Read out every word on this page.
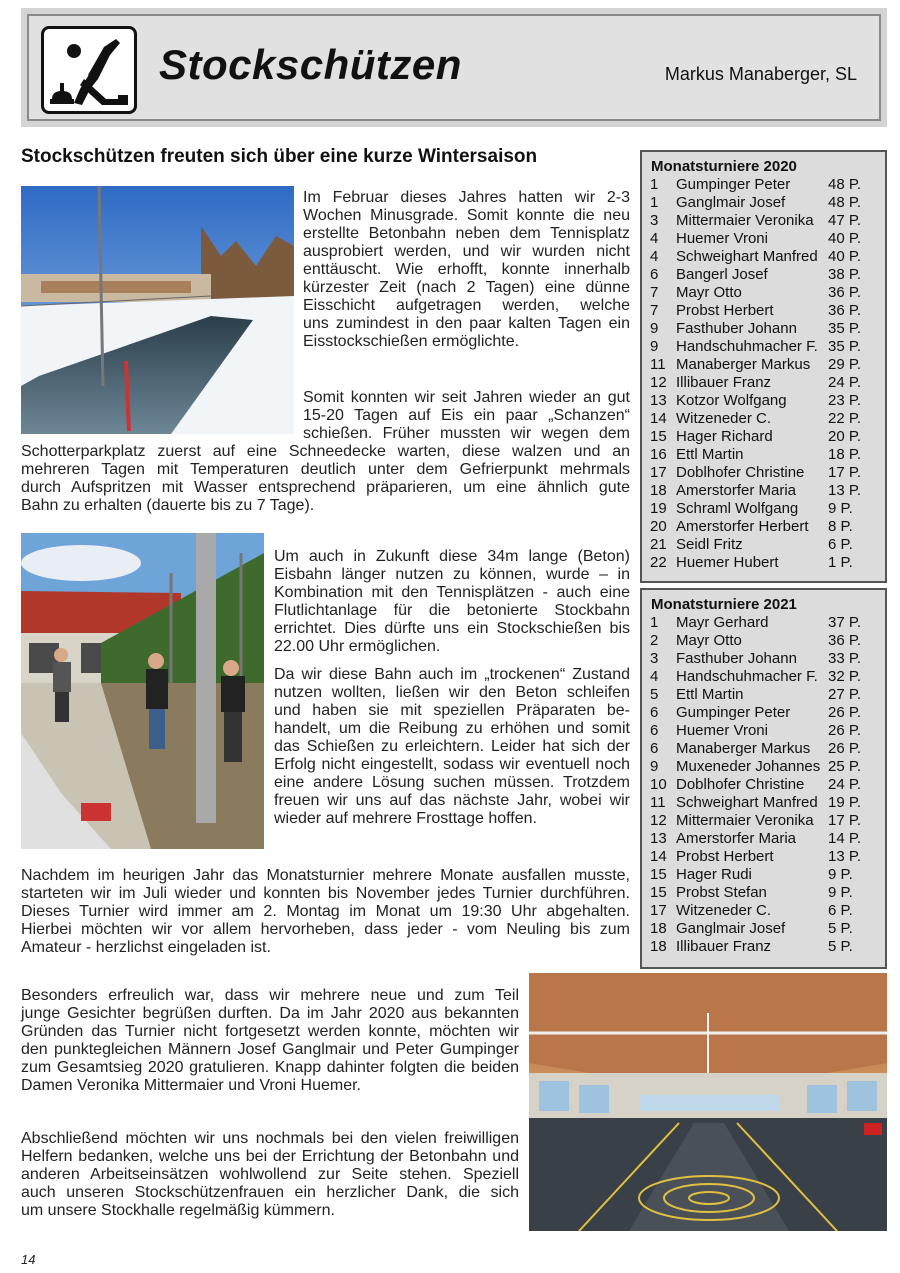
Stockschützen	Markus Manaberger, SL
Stockschützen freuten sich über eine kurze Wintersaison
Im Februar dieses Jahres hatten wir 2-3
Wochen Minusgrade. Somit konnte die neu
erstellte Betonbahn neben dem Tennisplatz
ausprobiert werden, und wir wurden nicht
enttäuscht. Wie erhofft, konnte innerhalb
kürzester Zeit (nach 2 Tagen) eine dünne
Eisschicht aufgetragen werden, welche
uns zumindest in den paar kalten Tagen ein
Eisstockschießen ermöglichte.
Somit konnten wir seit Jahren wieder an gut
15-20 Tagen auf Eis ein paar „Schanzen“
schießen. Früher mussten wir wegen dem
Schotterparkplatz zuerst auf eine Schneedecke warten, diese walzen und an
mehreren Tagen mit Temperaturen deutlich unter dem Gefrierpunkt mehrmals
durch Aufspritzen mit Wasser entsprechend präparieren, um eine ähnlich gute
Bahn zu erhalten (dauerte bis zu 7 Tage).
Um auch in Zukunft diese 34m lange (Beton)
Eisbahn länger nutzen zu können, wurde – in
Kombination mit den Tennisplätzen - auch eine
Flutlichtanlage für die betonierte Stockbahn
errichtet. Dies dürfte uns ein Stockschießen bis
22.00 Uhr ermöglichen.
Da wir diese Bahn auch im „trockenen“ Zustand
nutzen wollten, ließen wir den Beton schleifen
und haben sie mit speziellen Präparaten be-
handelt, um die Reibung zu erhöhen und somit
das Schießen zu erleichtern. Leider hat sich der
Erfolg nicht eingestellt, sodass wir eventuell noch
eine andere Lösung suchen müssen. Trotzdem
freuen wir uns auf das nächste Jahr, wobei wir
wieder auf mehrere Frosttage hoffen.
Nachdem im heurigen Jahr das Monatsturnier mehrere Monate ausfallen musste,
starteten wir im Juli wieder und konnten bis November jedes Turnier durchführen.
Dieses Turnier wird immer am 2. Montag im Monat um 19:30 Uhr abgehalten.
Hierbei möchten wir vor allem hervorheben, dass jeder - vom Neuling bis zum
Amateur - herzlichst eingeladen ist.
Besonders erfreulich war, dass wir mehrere neue und zum Teil
junge Gesichter begrüßen durften. Da im Jahr 2020 aus bekannten
Gründen das Turnier nicht fortgesetzt werden konnte, möchten wir
den punktegleichen Männern Josef Ganglmair und Peter Gumpinger
zum Gesamtsieg 2020 gratulieren. Knapp dahinter folgten die beiden
Damen Veronika Mittermaier und Vroni Huemer.
Abschließend möchten wir uns nochmals bei den vielen freiwilligen
Helfern bedanken, welche uns bei der Errichtung der Betonbahn und
anderen Arbeitseinsätzen wohlwollend zur Seite stehen. Speziell
auch unseren Stockschützenfrauen ein herzlicher Dank, die sich
um unsere Stockhalle regelmäßig kümmern.
Monatsturniere 2020
1	Gumpinger Peter	48 P.
1	Ganglmair Josef	48 P.
3	Mittermaier Veronika 47 P.
4	Huemer Vroni	40 P.
4	Schweighart Manfred 40 P.
6	Bangerl Josef	38 P.
7	Mayr Otto	36 P.
7	Probst Herbert	36 P.
9	Fasthuber Johann	35 P.
9	Handschuhmacher F. 35 P.
11 Manaberger Markus	29 P.
12 Illibauer Franz	24 P.
13 Kotzor Wolfgang	23 P.
14 Witzeneder C.	22 P.
15 Hager Richard	20 P.
16 Ettl Martin	18 P.
17 Doblhofer Christine	17 P.
18 Amerstorfer Maria	13 P.
19 Schraml Wolfgang	9 P.
20 Amerstorfer Herbert	8 P.
21 Seidl Fritz	6 P.
22 Huemer Hubert	1 P.
Monatsturniere 2021
1	Mayr Gerhard	37 P.
2	Mayr Otto	36 P.
3	Fasthuber Johann	33 P.
4	Handschuhmacher F. 32 P.
5	Ettl Martin	27 P.
6	Gumpinger Peter	26 P.
6	Huemer Vroni	26 P.
6	Manaberger Markus	26 P.
9	Muxeneder Johannes 25 P.
10 Doblhofer Christine	24 P.
11 Schweighart Manfred 19 P.
12 Mittermaier Veronika 17 P.
13 Amerstorfer Maria	14 P.
14 Probst Herbert	13 P.
15 Hager Rudi	9 P.
15 Probst Stefan	9 P.
17 Witzeneder C.	6 P.
18 Ganglmair Josef	5 P.
18 Illibauer Franz	5 P.
14
